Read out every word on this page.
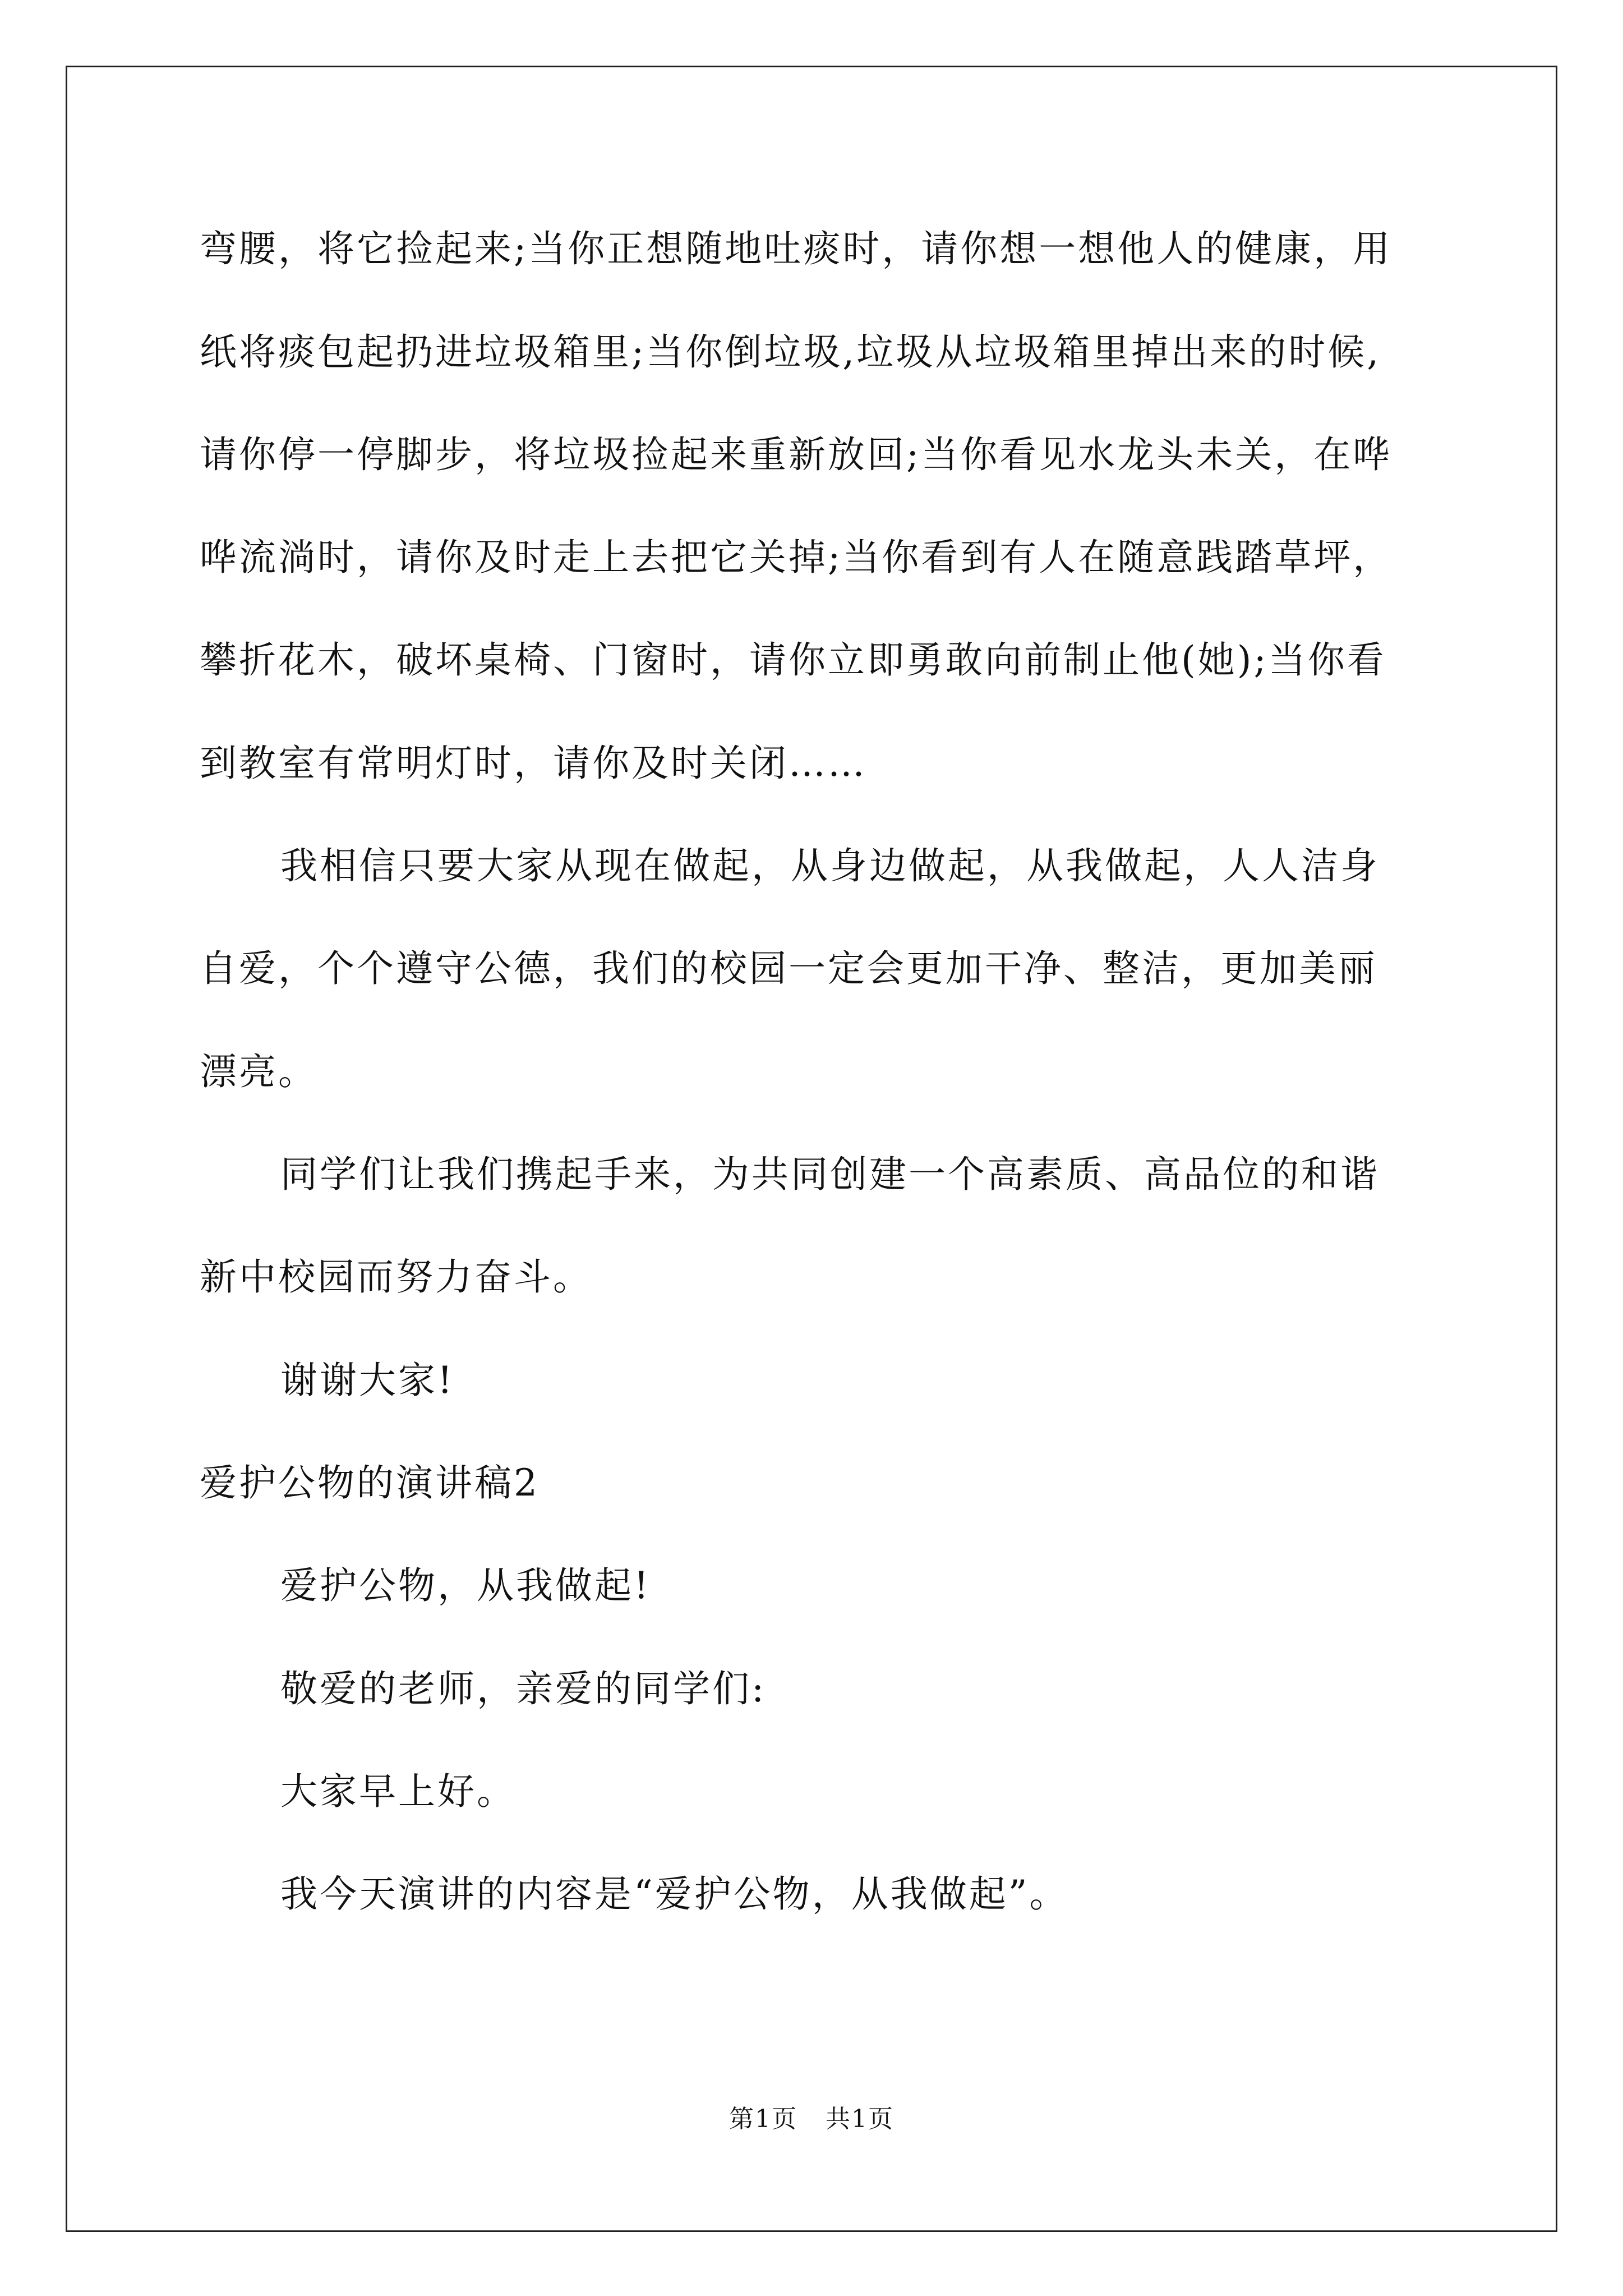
弯腰，将它捡起来;当你正想随地吐痰时，请你想一想他人的健康，用
纸将痰包起扔进垃圾箱里;当你倒垃圾,垃圾从垃圾箱里掉出来的时候,
请你停一停脚步，将垃圾捡起来重新放回;当你看见水龙头未关，在哗
哗流淌时，请你及时走上去把它关掉;当你看到有人在随意践踏草坪，
攀折花木，破坏桌椅、门窗时，请你立即勇敢向前制止他(她);当你看
到教室有常明灯时，请你及时关闭……
我相信只要大家从现在做起，从身边做起，从我做起，人人洁身
自爱，个个遵守公德，我们的校园一定会更加干净、整洁，更加美丽
漂亮。
同学们让我们携起手来，为共同创建一个高素质、高品位的和谐
新中校园而努力奋斗。
谢谢大家!
爱护公物的演讲稿2
爱护公物，从我做起!
敬爱的老师，亲爱的同学们:
大家早上好。
我今天演讲的内容是“爱护公物，从我做起”。
第1页 共1页
